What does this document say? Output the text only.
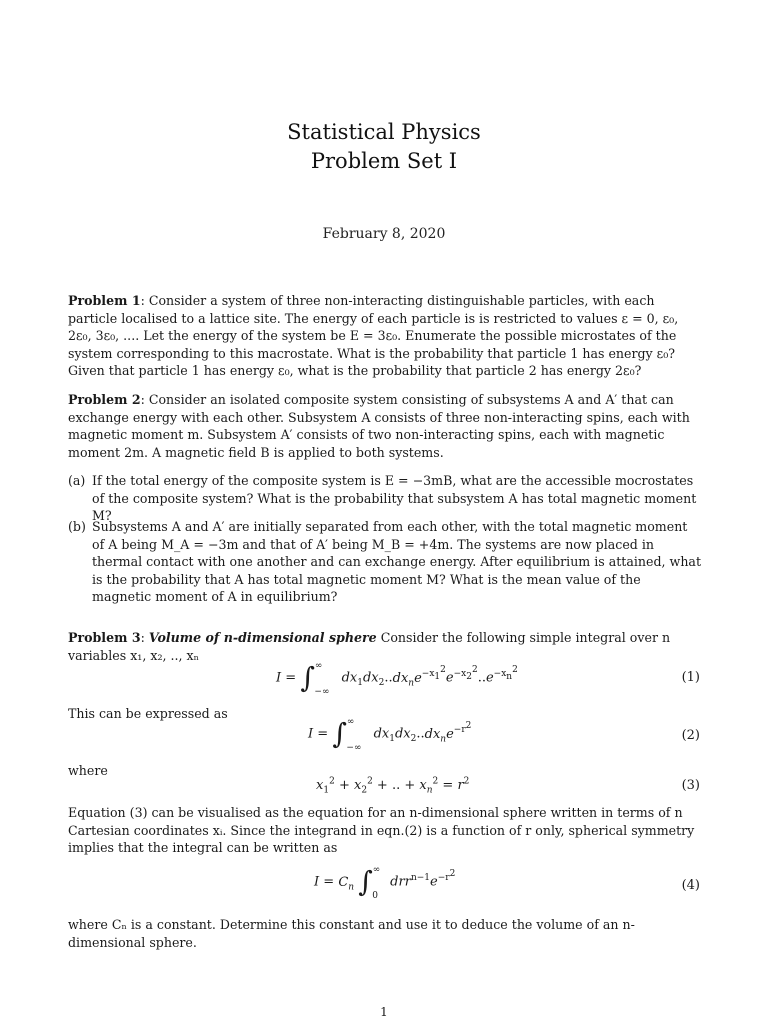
Statistical Physics
Problem Set I
February 8, 2020
Problem 1: Consider a system of three non-interacting distinguishable particles, with each particle localised to a lattice site. The energy of each particle is is restricted to values ε = 0, ε₀, 2ε₀, 3ε₀, .... Let the energy of the system be E = 3ε₀. Enumerate the possible microstates of the system corresponding to this macrostate. What is the probability that particle 1 has energy ε₀? Given that particle 1 has energy ε₀, what is the probability that particle 2 has energy 2ε₀?
Problem 2: Consider an isolated composite system consisting of subsystems A and A′ that can exchange energy with each other. Subsystem A consists of three non-interacting spins, each with magnetic moment m. Subsystem A′ consists of two non-interacting spins, each with magnetic moment 2m. A magnetic field B is applied to both systems.
(a) If the total energy of the composite system is E = −3mB, what are the accessible mocrostates of the composite system? What is the probability that subsystem A has total magnetic moment M?
(b) Subsystems A and A′ are initially separated from each other, with the total magnetic moment of A being M_A = −3m and that of A′ being M_B = +4m. The systems are now placed in thermal contact with one another and can exchange energy. After equilibrium is attained, what is the probability that A has total magnetic moment M? What is the mean value of the magnetic moment of A in equilibrium?
Problem 3: Volume of n-dimensional sphere Consider the following simple integral over n variables x₁, x₂, .., xₙ
$I = \int^\infty_{-\infty}$ $dx_1dx_2..dx_ne^{-x_1^2}e^{-x_2^2}..e^{-x_n^2}$	(1)
This can be expressed as
$I = \int^\infty_{-\infty}$ $dx_1dx_2..dx_ne^{-r^2}$
(2)
where
$x_1^2 + x_2^2$ + .. + $x_n^2 = r^2$	(3)
Equation (3) can be visualised as the equation for an n-dimensional sphere written in terms of n Cartesian coordinates xᵢ. Since the integrand in eqn.(2) is a function of r only, spherical symmetry implies that the integral can be written as
$I = C_n$ $\int^\infty_0$ $drr^{n-1}e^{-r^2}$
(4)
where Cₙ is a constant. Determine this constant and use it to deduce the volume of an n-dimensional sphere.
1
